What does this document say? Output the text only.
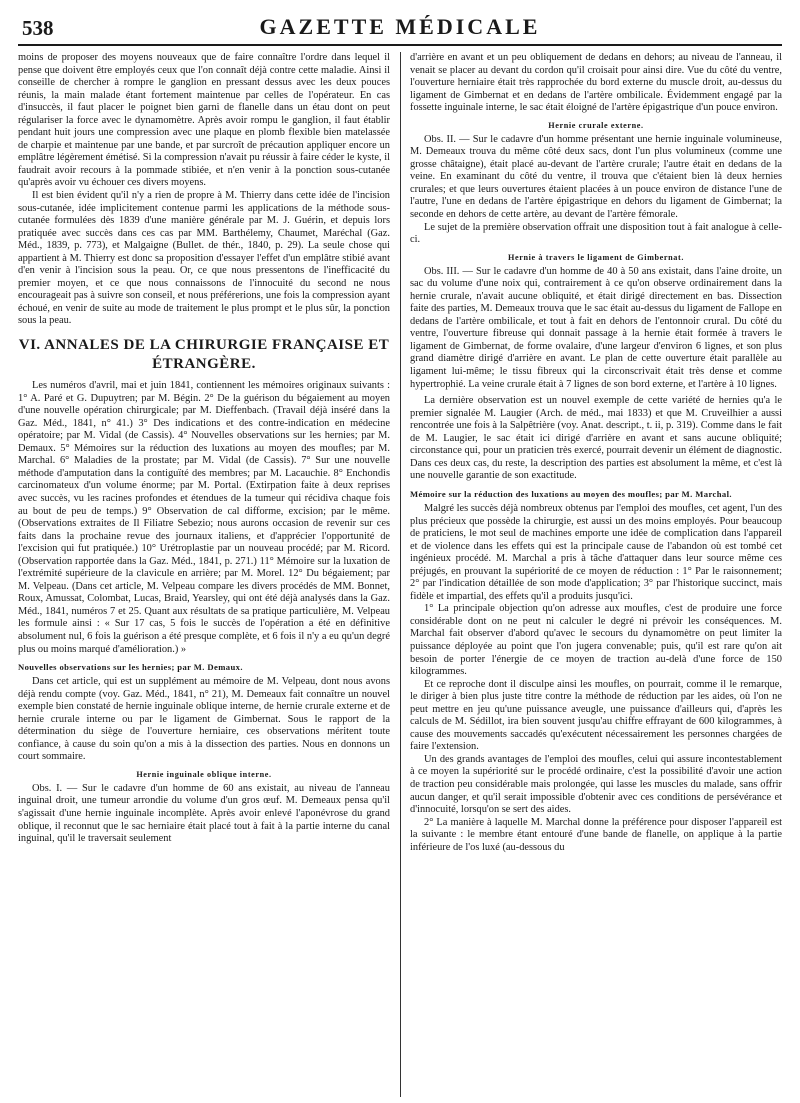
538	GAZETTE MÉDICALE

moins de proposer des moyens nouveaux que de faire connaître l'ordre dans lequel il pense que doivent être employés ceux que l'on connaît déjà contre cette maladie. Ainsi il conseille de chercher à rompre le ganglion en pressant dessus avec les deux pouces réunis, la main malade étant fortement maintenue par celles de l'opérateur. En cas d'insuccès, il faut placer le poignet bien garni de flanelle dans un étau dont on peut régulariser la force avec le dynamomètre. Après avoir rompu le ganglion, il faut établir pendant huit jours une compression avec une plaque en plomb flexible bien matelassée de charpie et maintenue par une bande, et par surcroît de précaution appliquer encore un emplâtre légèrement émétisé. Si la compression n'avait pu réussir à faire céder le kyste, il faudrait avoir recours à la pommade stibiée, et n'en venir à la ponction sous-cutanée qu'après avoir vu échouer ces divers moyens.

Il est bien évident qu'il n'y a rien de propre à M. Thierry dans cette idée de l'incision sous-cutanée, idée implicitement contenue parmi les applications de la méthode sous-cutanée formulées dès 1839 d'une manière générale par M. J. Guérin, et depuis lors pratiquée avec succès dans ces cas par MM. Barthélemy, Chaumet, Maréchal (Gaz. Méd., 1839, p. 773), et Malgaigne (Bullet. de thér., 1840, p. 29). La seule chose qui appartient à M. Thierry est donc sa proposition d'essayer l'effet d'un emplâtre stibié avant d'en venir à l'incision sous la peau. Or, ce que nous pressentons de l'inefficacité du premier moyen, et ce que nous connaissons de l'innocuité du second ne nous encourageait pas à suivre son conseil, et nous préférerions, une fois la compression ayant échoué, en venir de suite au mode de traitement le plus prompt et le plus sûr, la ponction sous la peau.

VI. ANNALES DE LA CHIRURGIE FRANÇAISE ET ÉTRANGÈRE.

Les numéros d'avril, mai et juin 1841, contiennent les mémoires originaux suivants : 1° A. Paré et G. Dupuytren; par M. Bégin. 2° De la guérison du bégaiement au moyen d'une nouvelle opération chirurgicale; par M. Dieffenbach. (Travail déjà inséré dans la Gaz. Méd., 1841, n° 41.) 3° Des indications et des contre-indication en médecine opératoire; par M. Vidal (de Cassis). 4° Nouvelles observations sur les hernies; par M. Demaux. 5° Mémoires sur la réduction des luxations au moyen des moufles; par M. Marchal. 6° Maladies de la prostate; par M. Vidal (de Cassis). 7° Sur une nouvelle méthode d'amputation dans la contiguïté des membres; par M. Lacauchie. 8° Enchondis carcinomateux d'un volume énorme; par M. Portal. (Extirpation faite à deux reprises avec succès, vu les racines profondes et étendues de la tumeur qui récidiva chaque fois au bout de peu de temps.) 9° Observation de cal difforme, excision; par le même. (Observations extraites de Il Filiatre Sebezio; nous aurons occasion de revenir sur ces faits dans la prochaine revue des journaux italiens, et d'apprécier l'opportunité de l'excision qui fut pratiquée.) 10° Urétroplastie par un nouveau procédé; par M. Ricord. (Observation rapportée dans la Gaz. Méd., 1841, p. 271.) 11° Mémoire sur la luxation de l'extrémité supérieure de la clavicule en arrière; par M. Morel. 12° Du bégaiement; par M. Velpeau. (Dans cet article, M. Velpeau compare les divers procédés de MM. Bonnet, Roux, Amussat, Colombat, Lucas, Braid, Yearsley, qui ont été déjà analysés dans la Gaz. Méd., 1841, numéros 7 et 25. Quant aux résultats de sa pratique particulière, M. Velpeau les formule ainsi : « Sur 17 cas, 5 fois le succès de l'opération a été en définitive absolument nul, 6 fois la guérison a été presque complète, et 6 fois il n'y a eu qu'un degré plus ou moins marqué d'amélioration.) »

Nouvelles observations sur les hernies; par M. Demaux.

Dans cet article, qui est un supplément au mémoire de M. Velpeau, dont nous avons déjà rendu compte (voy. Gaz. Méd., 1841, n° 21), M. Demeaux fait connaître un nouvel exemple bien constaté de hernie inguinale oblique interne, de hernie crurale externe et de hernie crurale interne ou par le ligament de Gimbernat. Sous le rapport de la détermination du siège de l'ouverture herniaire, ces observations méritent toute confiance, à cause du soin qu'on a mis à la dissection des parties. Nous en donnons un court sommaire.

Hernie inguinale oblique interne.

Obs. I. — Sur le cadavre d'un homme de 60 ans existait, au niveau de l'anneau inguinal droit, une tumeur arrondie du volume d'un gros œuf. M. Demeaux pensa qu'il s'agissait d'une hernie inguinale incomplète. Après avoir enlevé l'aponévrose du grand oblique, il reconnut que le sac herniaire était placé tout à fait à la partie interne du canal inguinal, qu'il le traversait seulement

d'arrière en avant et un peu obliquement de dedans en dehors; au niveau de l'anneau, il venait se placer au devant du cordon qu'il croisait pour ainsi dire. Vue du côté du ventre, l'ouverture herniaire était très rapprochée du bord externe du muscle droit, au-dessus du ligament de Gimbernat et en dedans de l'artère ombilicale. Évidemment engagé par la fossette inguinale interne, le sac était éloigné de l'artère épigastrique d'un pouce environ.

Hernie crurale externe.

Obs. II. — Sur le cadavre d'un homme présentant une hernie inguinale volumineuse, M. Demeaux trouva du même côté deux sacs, dont l'un plus volumineux (comme une grosse châtaigne), était placé au-devant de l'artère crurale; l'autre était en dedans de la veine. En examinant du côté du ventre, il trouva que c'étaient bien là deux hernies crurales; et que leurs ouvertures étaient placées à un pouce environ de distance l'une de l'autre, l'une en dedans de l'artère épigastrique en dehors du ligament de Gimbernat; la seconde en dehors de cette artère, au devant de l'artère fémorale.

Le sujet de la première observation offrait une disposition tout à fait analogue à celle-ci.

Hernie à travers le ligament de Gimbernat.

Obs. III. — Sur le cadavre d'un homme de 40 à 50 ans existait, dans l'aine droite, un sac du volume d'une noix qui, contrairement à ce qu'on observe ordinairement dans la hernie crurale, n'avait aucune obliquité, et était dirigé directement en bas. Dissection faite des parties, M. Demeaux trouva que le sac était au-dessus du ligament de Fallope en dedans de l'artère ombilicale, et tout à fait en dehors de l'entonnoir crural. Du côté du ventre, l'ouverture fibreuse qui donnait passage à la hernie était formée à travers le ligament de Gimbernat, de forme ovalaire, d'une largeur d'environ 6 lignes, et son plus grand diamètre dirigé d'arrière en avant. Le plan de cette ouverture était parallèle au ligament lui-même; le tissu fibreux qui la circonscrivait était très dense et comme hypertrophié. La veine crurale était à 7 lignes de son bord externe, et l'artère à 10 lignes.

La dernière observation est un nouvel exemple de cette variété de hernies qu'a le premier signalée M. Laugier (Arch. de méd., mai 1833) et que M. Cruveilhier a aussi rencontrée une fois à la Salpêtrière (voy. Anat. descript., t. ii, p. 319). Comme dans le fait de M. Laugier, le sac était ici dirigé d'arrière en avant et sans aucune obliquité; circonstance qui, pour un praticien très exercé, pourrait devenir un élément de diagnostic. Dans ces deux cas, du reste, la description des parties est absolument la même, et c'est là une nouvelle garantie de son exactitude.

Mémoire sur la réduction des luxations au moyen des moufles; par M. Marchal.

Malgré les succès déjà nombreux obtenus par l'emploi des moufles, cet agent, l'un des plus précieux que possède la chirurgie, est aussi un des moins employés. Pour beaucoup de praticiens, le mot seul de machines emporte une idée de complication dans l'appareil et de violence dans les effets qui est la principale cause de l'abandon où est tombé cet ingénieux procédé. M. Marchal a pris à tâche d'attaquer dans leur source même ces préjugés, en prouvant la supériorité de ce moyen de réduction : 1° Par le raisonnement; 2° par l'indication détaillée de son mode d'application; 3° par l'historique succinct, mais fidèle et impartial, des effets qu'il a produits jusqu'ici.

1° La principale objection qu'on adresse aux moufles, c'est de produire une force considérable dont on ne peut ni calculer le degré ni prévoir les conséquences. M. Marchal fait observer d'abord qu'avec le secours du dynamomètre on peut limiter la puissance déployée au point que l'on jugera convenable; puis, qu'il est rare qu'on ait besoin de porter l'énergie de ce moyen de traction au-delà d'une force de 150 kilogrammes.

Et ce reproche dont il disculpe ainsi les moufles, on pourrait, comme il le remarque, le diriger à bien plus juste titre contre la méthode de réduction par les aides, où l'on ne peut mettre en jeu qu'une puissance aveugle, une puissance d'ailleurs qui, d'après les calculs de M. Sédillot, ira bien souvent jusqu'au chiffre effrayant de 600 kilogrammes, à cause des mouvements saccadés qu'exécutent nécessairement les personnes chargées de faire l'extension.

Un des grands avantages de l'emploi des moufles, celui qui assure incontestablement à ce moyen la supériorité sur le procédé ordinaire, c'est la possibilité d'avoir une action de traction peu considérable mais prolongée, qui lasse les muscles du malade, sans offrir aucun danger, et qu'il serait impossible d'obtenir avec ces conditions de persévérance et d'innocuité, lorsqu'on se sert des aides.

2° La manière à laquelle M. Marchal donne la préférence pour disposer l'appareil est la suivante : le membre étant entouré d'une bande de flanelle, on applique à la partie inférieure de l'os luxé (au-dessous du
